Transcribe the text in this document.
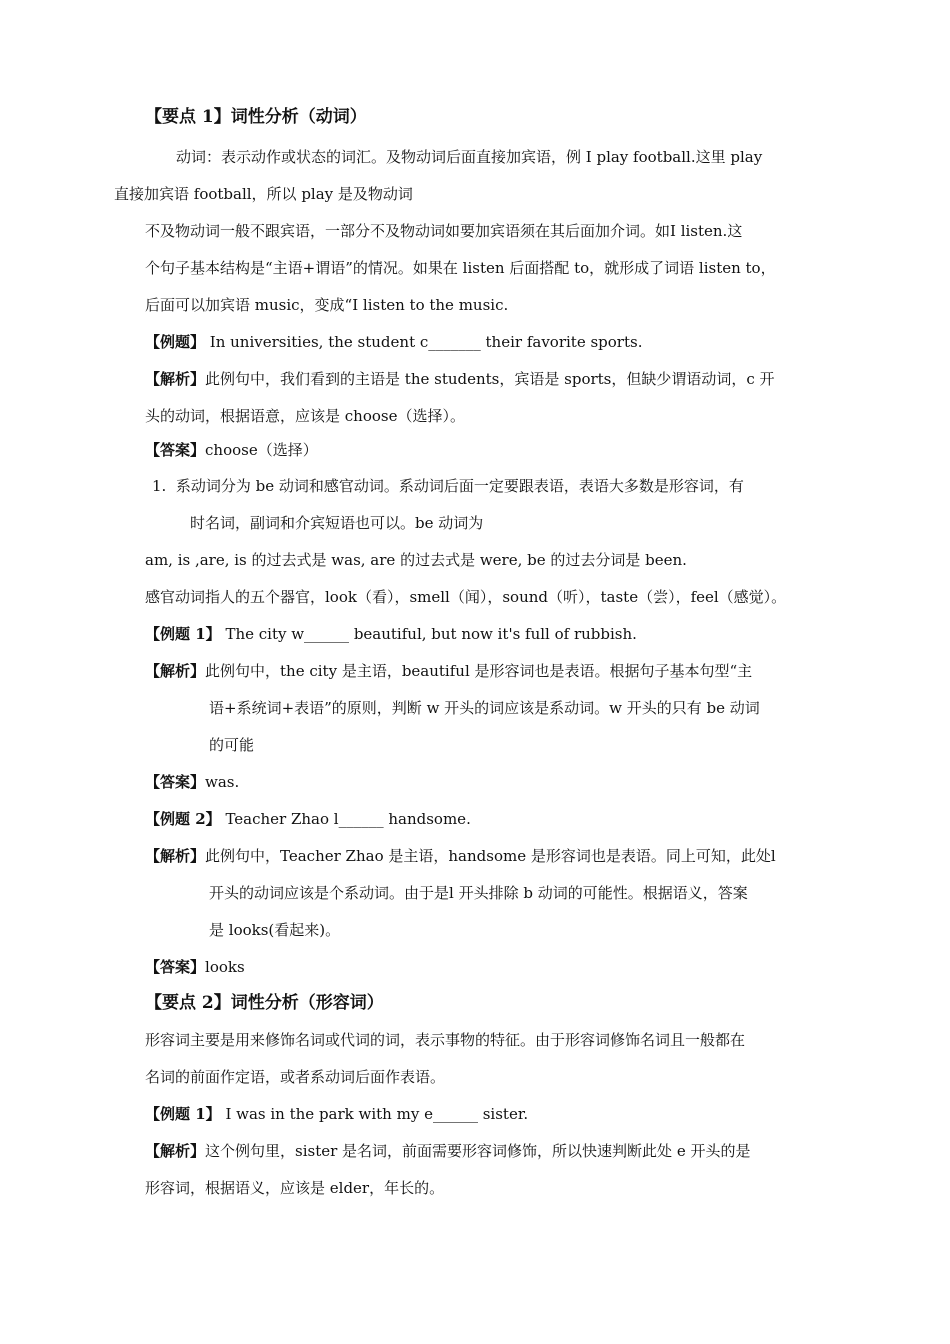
【要点 1】词性分析（动词）

动词：表示动作或状态的词汇。及物动词后面直接加宾语，例 I play football.这里 play
直接加宾语 football，所以 play 是及物动词

不及物动词一般不跟宾语，一部分不及物动词如要加宾语须在其后面加介词。如I listen.这
个句子基本结构是“主语+谓语”的情况。如果在 listen 后面搭配 to，就形成了词语 listen to，
后面可以加宾语 music，变成“I listen to the music.

【例题】 In universities, the student c_______ their favorite sports.

【解析】此例句中，我们看到的主语是 the students，宾语是 sports，但缺少谓语动词，c 开
头的动词，根据语意，应该是 choose（选择）。

【答案】choose（选择）

1. 系动词分为 be 动词和感官动词。系动词后面一定要跟表语，表语大多数是形容词，有
时名词，副词和介宾短语也可以。be 动词为

am, is ,are, is 的过去式是 was, are 的过去式是 were, be 的过去分词是 been.

感官动词指人的五个器官，look（看），smell（闻），sound（听），taste（尝），feel（感觉）。

【例题 1】 The city w______ beautiful, but now it's full of rubbish.

【解析】此例句中，the city 是主语，beautiful 是形容词也是表语。根据句子基本句型“主
语+系统词+表语”的原则，判断 w 开头的词应该是系动词。w 开头的只有 be 动词
的可能

【答案】was.

【例题 2】 Teacher Zhao l______ handsome.

【解析】此例句中，Teacher Zhao 是主语，handsome 是形容词也是表语。同上可知，此处l
开头的动词应该是个系动词。由于是l 开头排除 b 动词的可能性。根据语义，答案
是 looks(看起来)。

【答案】looks

【要点 2】词性分析（形容词）

形容词主要是用来修饰名词或代词的词，表示事物的特征。由于形容词修饰名词且一般都在
名词的前面作定语，或者系动词后面作表语。

【例题 1】 I was in the park with my e______ sister.

【解析】这个例句里，sister 是名词，前面需要形容词修饰，所以快速判断此处 e 开头的是
形容词，根据语义，应该是 elder，年长的。
